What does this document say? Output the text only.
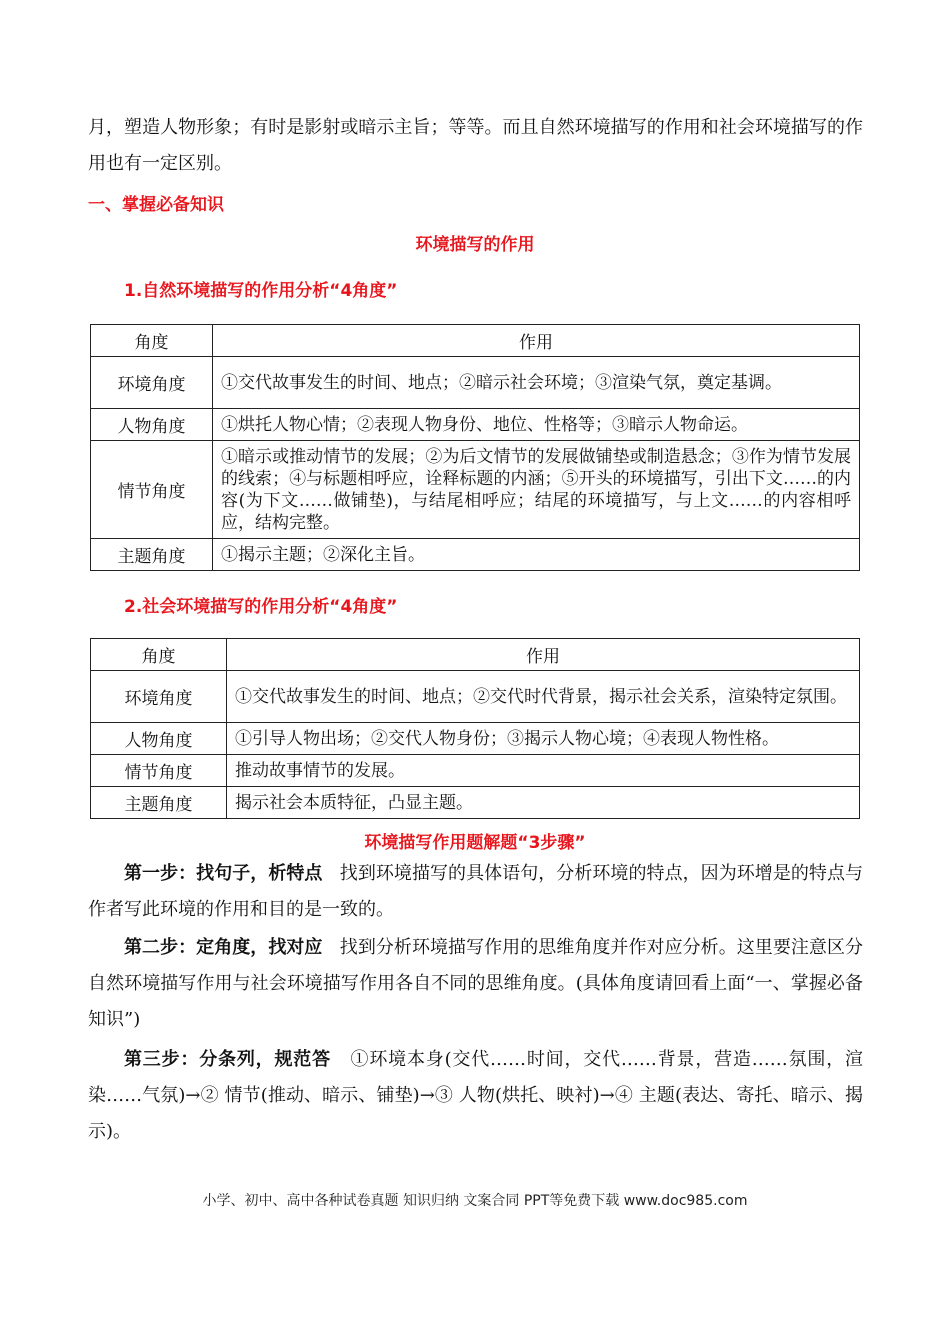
月，塑造人物形象；有时是影射或暗示主旨；等等。而且自然环境描写的作用和社会环境描写的作用也有一定区别。

一、掌握必备知识
环境描写的作用
1.自然环境描写的作用分析“4角度”
角度	作用
环境角度	①交代故事发生的时间、地点；②暗示社会环境；③渲染气氛，奠定基调。
人物角度	①烘托人物心情；②表现人物身份、地位、性格等；③暗示人物命运。
情节角度	①暗示或推动情节的发展；②为后文情节的发展做铺垫或制造悬念；③作为情节发展的线索；④与标题相呼应，诠释标题的内涵；⑤开头的环境描写，引出下文……的内容(为下文……做铺垫)，与结尾相呼应；结尾的环境描写，与上文……的内容相呼应，结构完整。
主题角度	①揭示主题；②深化主旨。
2.社会环境描写的作用分析“4角度”
角度	作用
环境角度	①交代故事发生的时间、地点；②交代时代背景，揭示社会关系，渲染特定氛围。
人物角度	①引导人物出场；②交代人物身份；③揭示人物心境；④表现人物性格。
情节角度	推动故事情节的发展。
主题角度	揭示社会本质特征，凸显主题。
环境描写作用题解题“3步骤”

第一步：找句子，析特点 找到环境描写的具体语句，分析环境的特点，因为环增是的特点与作者写此环境的作用和目的是一致的。

第二步：定角度，找对应 找到分析环境描写作用的思维角度并作对应分析。这里要注意区分自然环境描写作用与社会环境描写作用各自不同的思维角度。(具体角度请回看上面“一、掌握必备知识”)

第三步：分条列，规范答 ①环境本身(交代……时间，交代……背景，营造……氛围，渲染……气氛)→② 情节(推动、暗示、铺垫)→③ 人物(烘托、映衬)→④ 主题(表达、寄托、暗示、揭示)。

小学、初中、高中各种试卷真题 知识归纳 文案合同 PPT等免费下载 www.doc985.com
